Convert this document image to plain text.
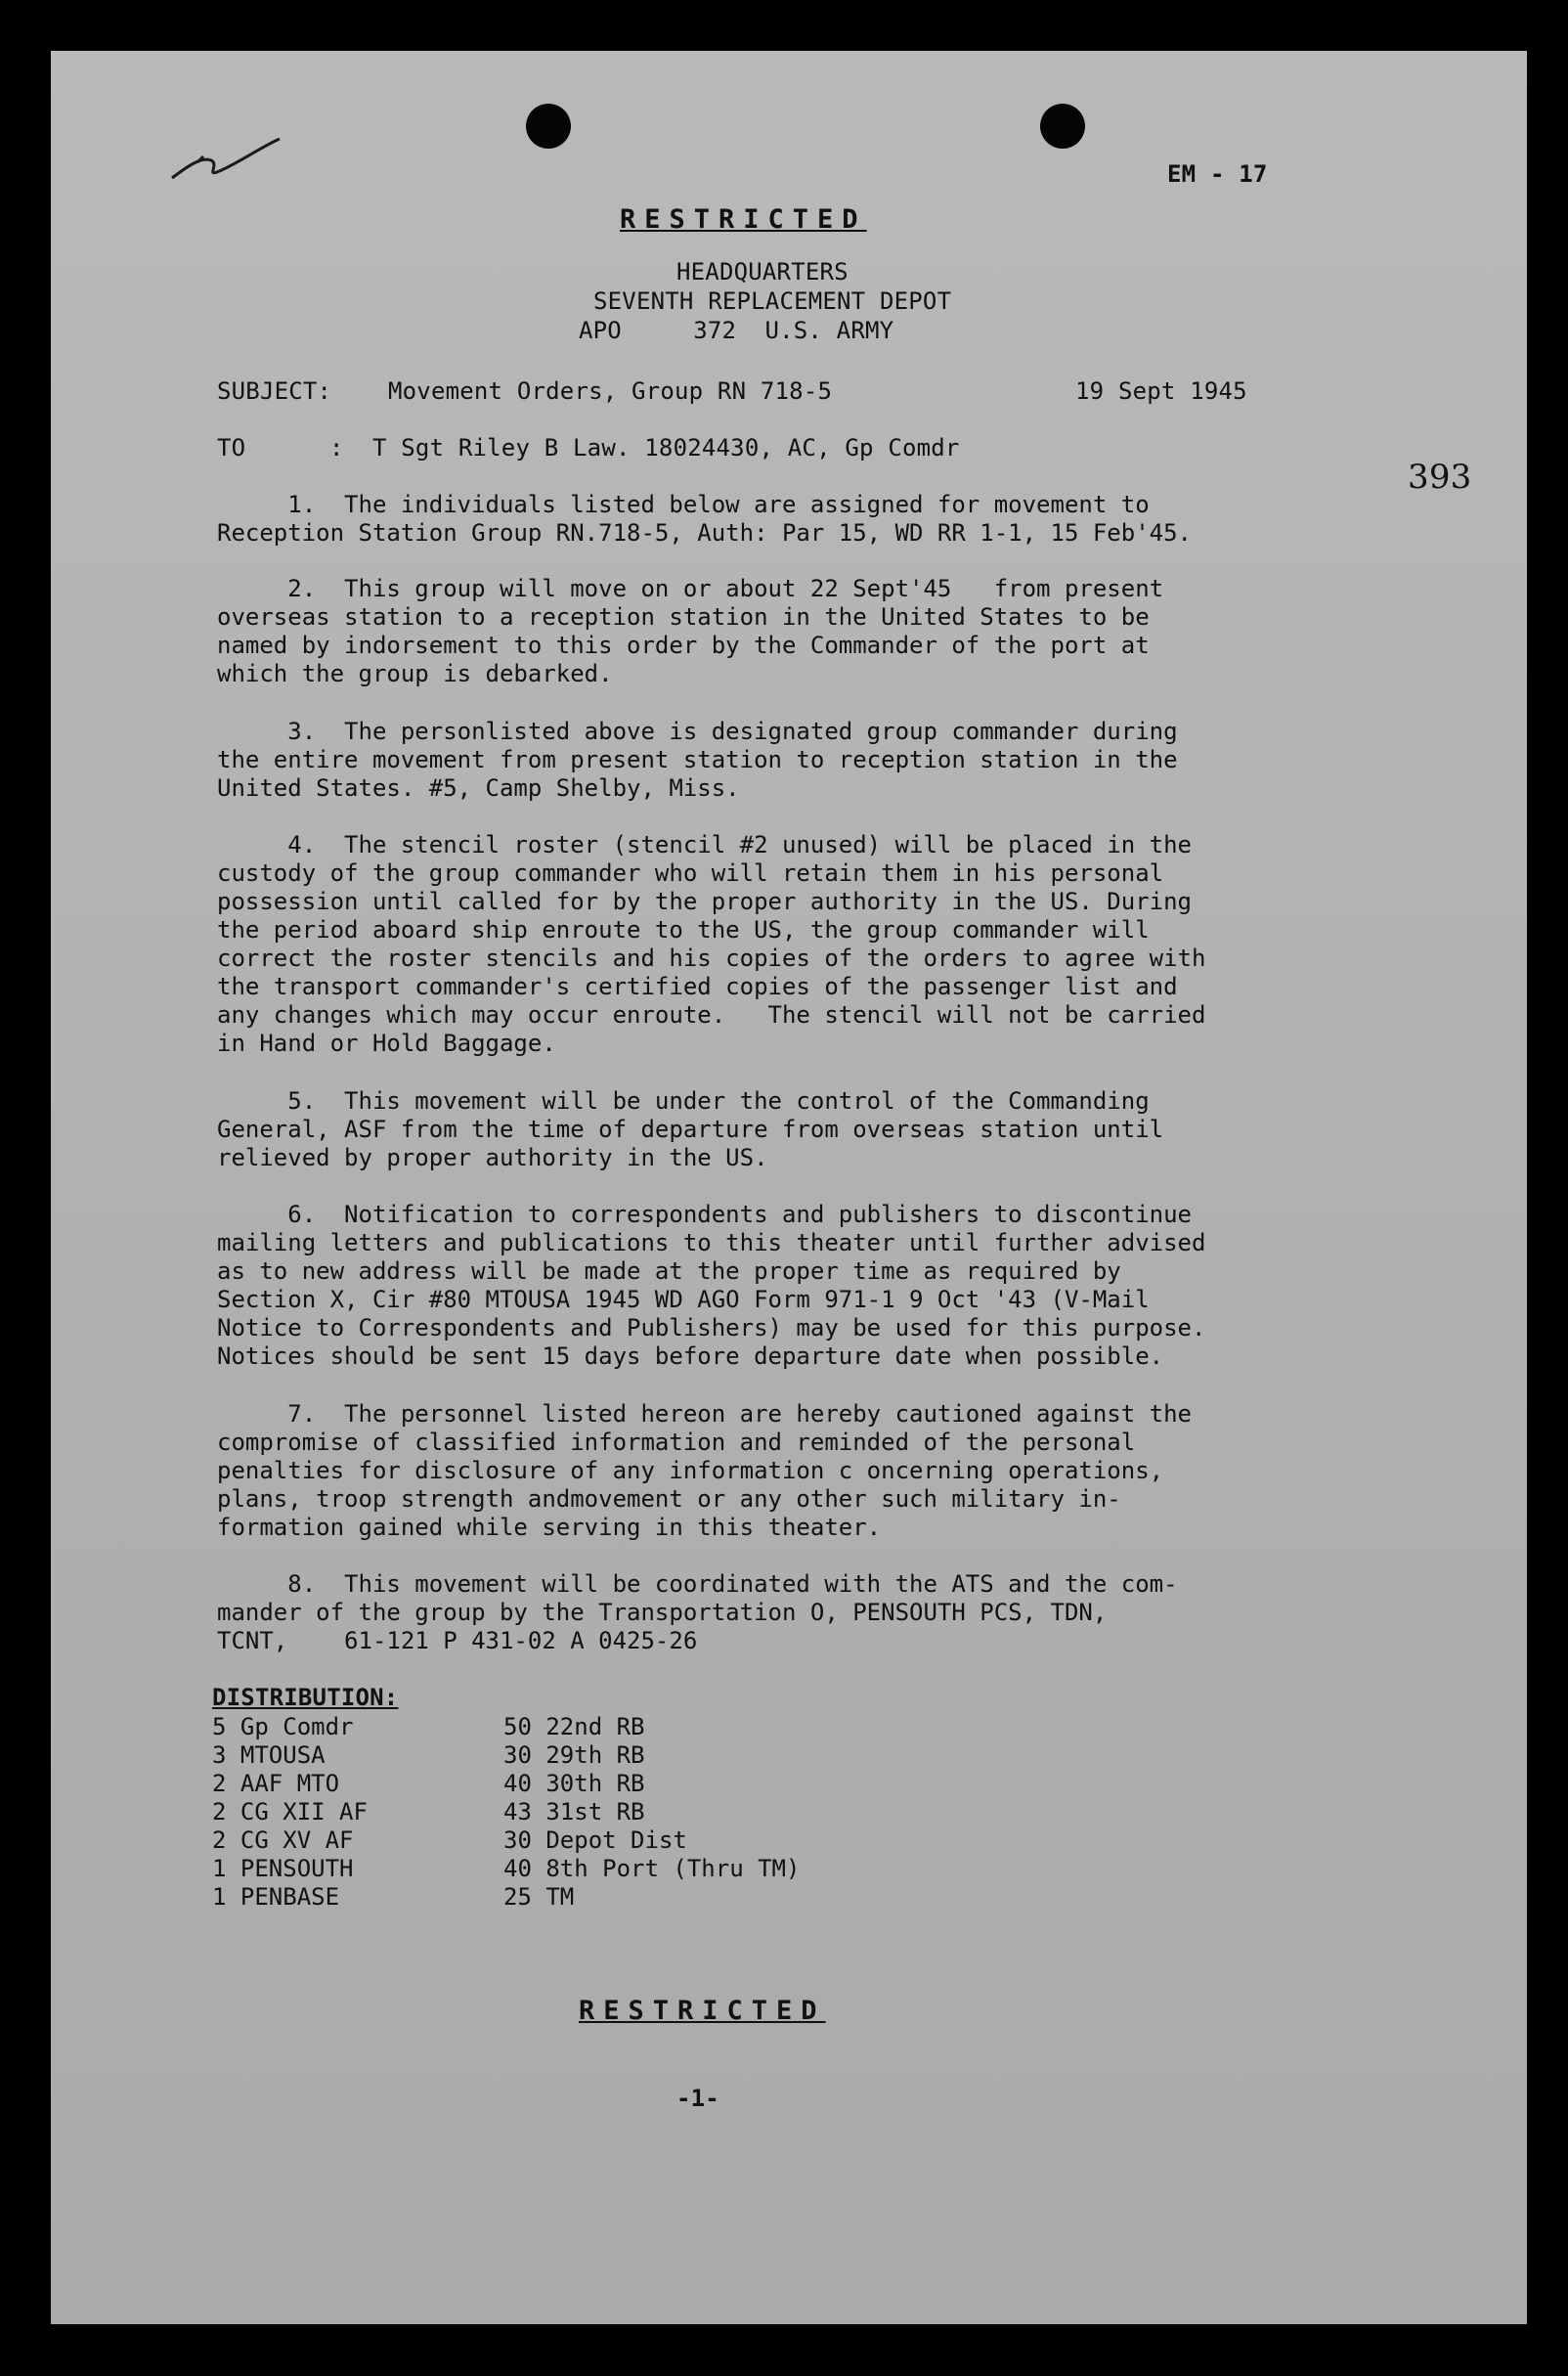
EM - 17
RESTRICTED
HEADQUARTERS
SEVENTH REPLACEMENT DEPOT
APO     372  U.S. ARMY
393
SUBJECT: Movement Orders, Group RN 718-5	19 Sept 1945
TO	:  T Sgt Riley B Law. 18024430, AC, Gp Comdr
1.  The individuals listed below are assigned for movement to
Reception Station Group RN.718-5, Auth: Par 15, WD RR 1-1, 15 Feb'45.
2.  This group will move on or about 22 Sept'45   from present
overseas station to a reception station in the United States to be
named by indorsement to this order by the Commander of the port at
which the group is debarked.
3.  The personlisted above is designated group commander during
the entire movement from present station to reception station in the
United States. #5, Camp Shelby, Miss.
4.  The stencil roster (stencil #2 unused) will be placed in the
custody of the group commander who will retain them in his personal
possession until called for by the proper authority in the US. During
the period aboard ship enroute to the US, the group commander will
correct the roster stencils and his copies of the orders to agree with
the transport commander's certified copies of the passenger list and
any changes which may occur enroute.   The stencil will not be carried
in Hand or Hold Baggage.
5.  This movement will be under the control of the Commanding
General, ASF from the time of departure from overseas station until
relieved by proper authority in the US.
6.  Notification to correspondents and publishers to discontinue
mailing letters and publications to this theater until further advised
as to new address will be made at the proper time as required by
Section X, Cir #80 MTOUSA 1945 WD AGO Form 971-1 9 Oct '43 (V-Mail
Notice to Correspondents and Publishers) may be used for this purpose.
Notices should be sent 15 days before departure date when possible.
7.  The personnel listed hereon are hereby cautioned against the
compromise of classified information and reminded of the personal
penalties for disclosure of any information c oncerning operations,
plans, troop strength andmovement or any other such military in-
formation gained while serving in this theater.
8.  This movement will be coordinated with the ATS and the com-
mander of the group by the Transportation O, PENSOUTH PCS, TDN,
TCNT,    61-121 P 431-02 A 0425-26
DISTRIBUTION:
5 Gp Comdr
3 MTOUSA
2 AAF MTO
2 CG XII AF
2 CG XV AF
1 PENSOUTH
1 PENBASE
50 22nd RB
30 29th RB
40 30th RB
43 31st RB
30 Depot Dist
40 8th Port (Thru TM)
25 TM
RESTRICTED
-1-
